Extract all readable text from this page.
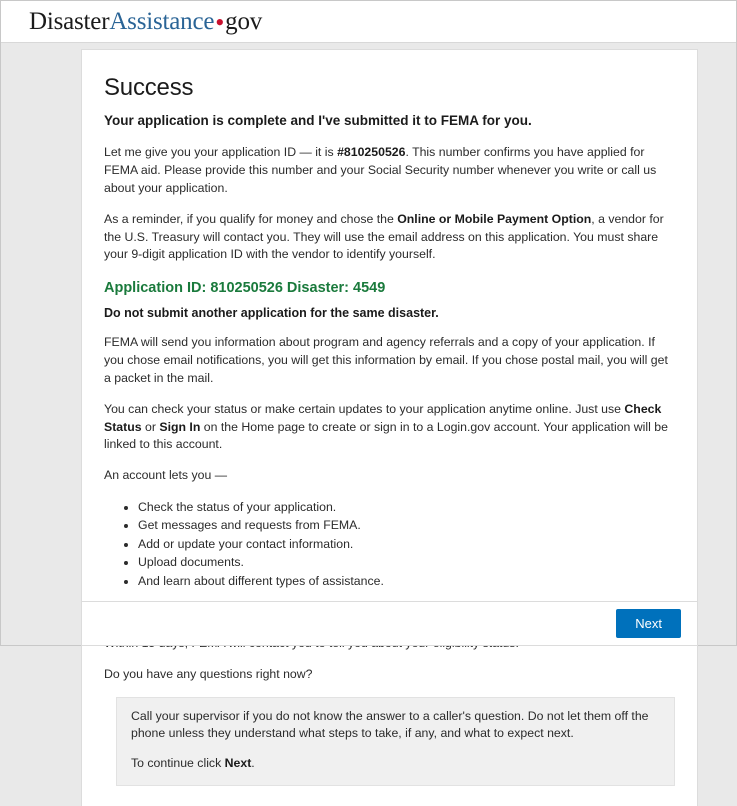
DisasterAssistance•gov
Success
Your application is complete and I've submitted it to FEMA for you.

Let me give you your application ID — it is #810250526. This number confirms you have applied for FEMA aid. Please provide this number and your Social Security number whenever you write or call us about your application.

As a reminder, if you qualify for money and chose the Online or Mobile Payment Option, a vendor for the U.S. Treasury will contact you. They will use the email address on this application. You must share your 9-digit application ID with the vendor to identify yourself.

Application ID: 810250526 Disaster: 4549
Do not submit another application for the same disaster.

FEMA will send you information about program and agency referrals and a copy of your application. If you chose email notifications, you will get this information by email. If you chose postal mail, you will get a packet in the mail.

You can check your status or make certain updates to your application anytime online. Just use Check Status or Sign In on the Home page to create or sign in to a Login.gov account. Your application will be linked to this account.

An account lets you —

• Check the status of your application.
• Get messages and requests from FEMA.
• Add or update your contact information.
• Upload documents.
• And learn about different types of assistance.

Do you have any questions right now?

Call your supervisor if you do not know the answer to a caller's question. Do not let them off the phone unless they understand what steps to take, if any, and what to expect next.

To continue click Next.

Next
